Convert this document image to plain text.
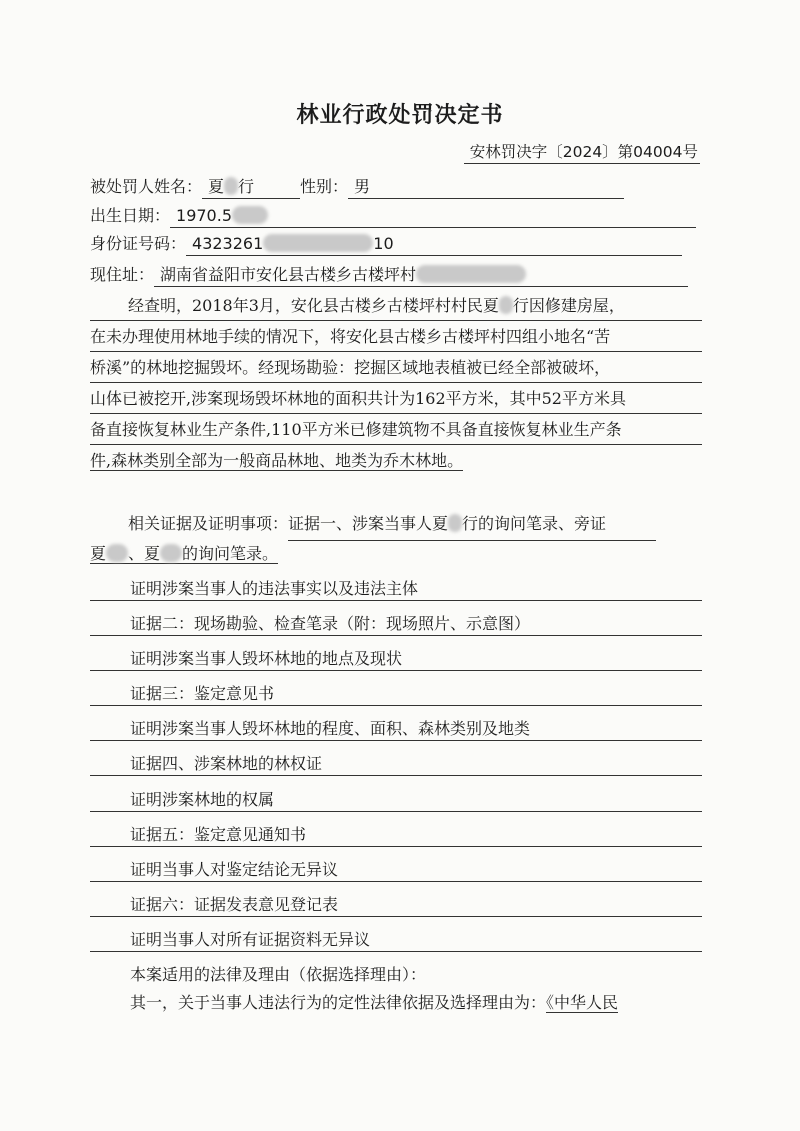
林业行政处罚决定书
安林罚决字〔2024〕第04004号
被处罚人姓名： 夏 行	性别： 男
出生日期： 1970.5
身份证号码： 4323261	10
现住址： 湖南省益阳市安化县古楼乡古楼坪村
经查明，2018年3月，安化县古楼乡古楼坪村村民夏 行因修建房屋，
在未办理使用林地手续的情况下，将安化县古楼乡古楼坪村四组小地名“苦
桥溪”的林地挖掘毁坏。经现场勘验：挖掘区域地表植被已经全部被破坏，
山体已被挖开,涉案现场毁坏林地的面积共计为162平方米，其中52平方米具
备直接恢复林业生产条件,110平方米已修建筑物不具备直接恢复林业生产条
件,森林类别全部为一般商品林地、地类为乔木林地。
相关证据及证明事项：证据一、涉案当事人夏 行的询问笔录、旁证
夏 、夏 的询问笔录。
证明涉案当事人的违法事实以及违法主体
证据二：现场勘验、检查笔录（附：现场照片、示意图）
证明涉案当事人毁坏林地的地点及现状
证据三：鉴定意见书
证明涉案当事人毁坏林地的程度、面积、森林类别及地类
证据四、涉案林地的林权证
证明涉案林地的权属
证据五：鉴定意见通知书
证明当事人对鉴定结论无异议
证据六：证据发表意见登记表
证明当事人对所有证据资料无异议
本案适用的法律及理由（依据选择理由）：
其一，关于当事人违法行为的定性法律依据及选择理由为：《中华人民
